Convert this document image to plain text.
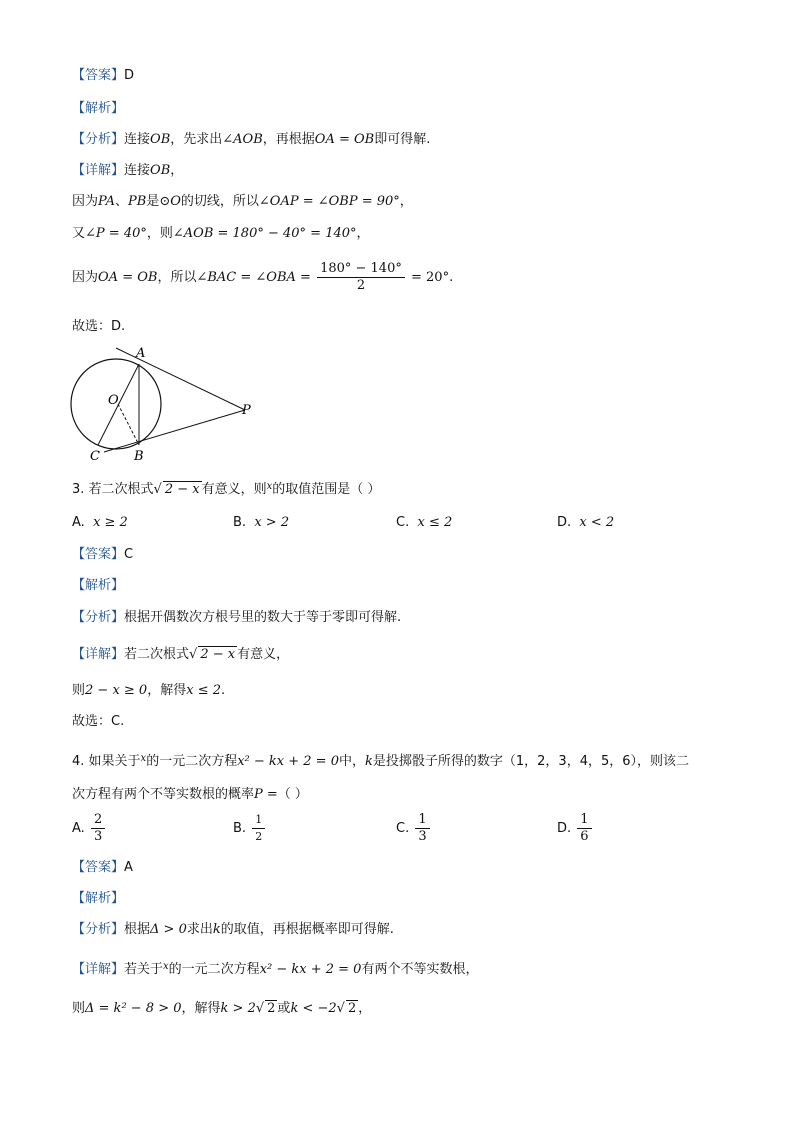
【答案】D
【解析】
【分析】连接OB，先求出∠AOB，再根据OA = OB即可得解.
【详解】连接OB，
因为PA、PB是⊙O的切线，所以∠OAP = ∠OBP = 90°，
又∠P = 40°，则∠AOB = 180° − 40° = 140°，
因为OA = OB，所以∠BAC = ∠OBA = $\frac{180^\circ - 140^\circ}{2} = 20^\circ$.
故选：D.
A
O
P
C	B
3. 若二次根式√ 2 − x 有意义，则$^x$的取值范围是（ ）
A. x ≥ 2	B. x > 2	C. x ≤ 2	D. x < 2
【答案】C
【解析】
【分析】根据开偶数次方根号里的数大于等于零即可得解.
【详解】若二次根式√ 2 − x 有意义，
则2 − x ≥ 0，解得x ≤ 2.
故选：C.
4. 如果关于$^x$的一元二次方程x² − kx + 2 = 0中，k是投掷骰子所得的数字（1，2，3，4，5，6），则该二
次方程有两个不等实数根的概率P =（ ）
A. $\frac{2}{3}$	B. $\frac{1}{2}$	C. $\frac{1}{3}$	D. $\frac{1}{6}$
【答案】A
【解析】
【分析】根据Δ > 0求出k的取值，再根据概率即可得解.
【详解】若关于$^x$的一元二次方程x² − kx + 2 = 0有两个不等实数根，
则Δ = k² − 8 > 0，解得k > 2√ 2 或k < −2√ 2 ，
